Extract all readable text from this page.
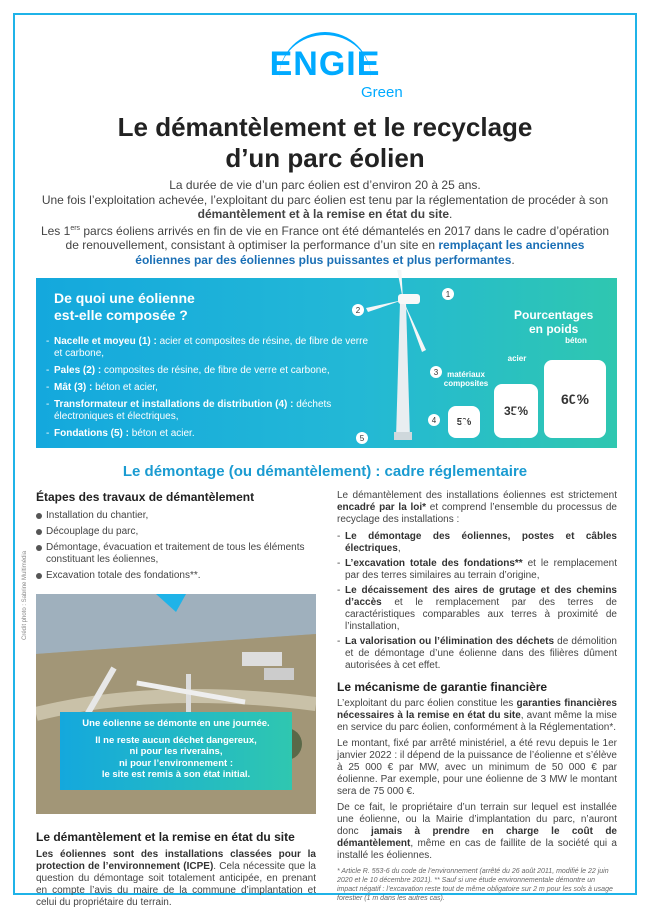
ENGIE
Green
Le démantèlement et le recyclage
d’un parc éolien

La durée de vie d’un parc éolien est d’environ 20 à 25 ans.

Une fois l’exploitation achevée, l’exploitant du parc éolien est tenu par la réglementation de procéder à son démantèlement et à la remise en état du site.

Les 1ers parcs éoliens arrivés en fin de vie en France ont été démantelés en 2017 dans le cadre d’opération de renouvellement, consistant à optimiser la performance d’un site en remplaçant les anciennes éoliennes par des éoliennes plus puissantes et plus performantes.

De quoi une éolienne
est-elle composée ?
- Nacelle et moyeu (1) : acier et composites de résine, de fibre de verre et carbone,
- Pales (2) : composites de résine, de fibre de verre et carbone,
- Mât (3) : béton et acier,
- Transformateur et installations de distribution (4) : déchets électroniques et électriques,
- Fondations (5) : béton et acier.
1
2
3
4
5
Pourcentages
en poids
matériaux
composites
5%
acier
35%
béton
60%
Le démontage (ou démantèlement) : cadre réglementaire
Étapes des travaux de démantèlement
Installation du chantier,
Découplage du parc,
Démontage, évacuation et traitement de tous les éléments constituant les éoliennes,
Excavation totale des fondations**.
Crédit photo : Sabrine Multimédia
Une éolienne se démonte en une journée.
Il ne reste aucun déchet dangereux,
ni pour les riverains,
ni pour l’environnement :
le site est remis à son état initial.
Le démantèlement et la remise en état du site

Les éoliennes sont des installations classées pour la protection de l’environnement (ICPE). Cela nécessite que la question du démontage soit totalement anticipée, en prenant en compte l’avis du maire de la commune d’implantation et celui du propriétaire du terrain.

Le démantèlement des installations éoliennes est strictement encadré par la loi* et comprend l’ensemble du processus de recyclage des installations :

- Le démontage des éoliennes, postes et câbles électriques,
- L’excavation totale des fondations** et le remplacement par des terres similaires au terrain d’origine,
- Le décaissement des aires de grutage et des chemins d’accès et le remplacement par des terres de caractéristiques comparables aux terres à proximité de l’installation,
- La valorisation ou l’élimination des déchets de démolition et de démontage d’une éolienne dans des filières dûment autorisées à cet effet.
Le mécanisme de garantie financière

L’exploitant du parc éolien constitue les garanties financières nécessaires à la remise en état du site, avant même la mise en service du parc éolien, conformément à la Réglementation*.

Le montant, fixé par arrêté ministériel, a été revu depuis le 1er janvier 2022 : il dépend de la puissance de l’éolienne et s’élève à 25 000 € par MW, avec un minimum de 50 000 € par éolienne. Par exemple, pour une éolienne de 3 MW le montant sera de 75 000 €.

De ce fait, le propriétaire d’un terrain sur lequel est installée une éolienne, ou la Mairie d’implantation du parc, n’auront donc jamais à prendre en charge le coût de démantèlement, même en cas de faillite de la société qui a installé les éoliennes.

* Article R. 553-6 du code de l’environnement (arrêté du 26 août 2011, modifié le 22 juin 2020 et le 10 décembre 2021). ** Sauf si une étude environnementale démontre un impact négatif : l’excavation reste tout de même obligatoire sur 2 m pour les sols à usage forestier (1 m dans les autres cas).
